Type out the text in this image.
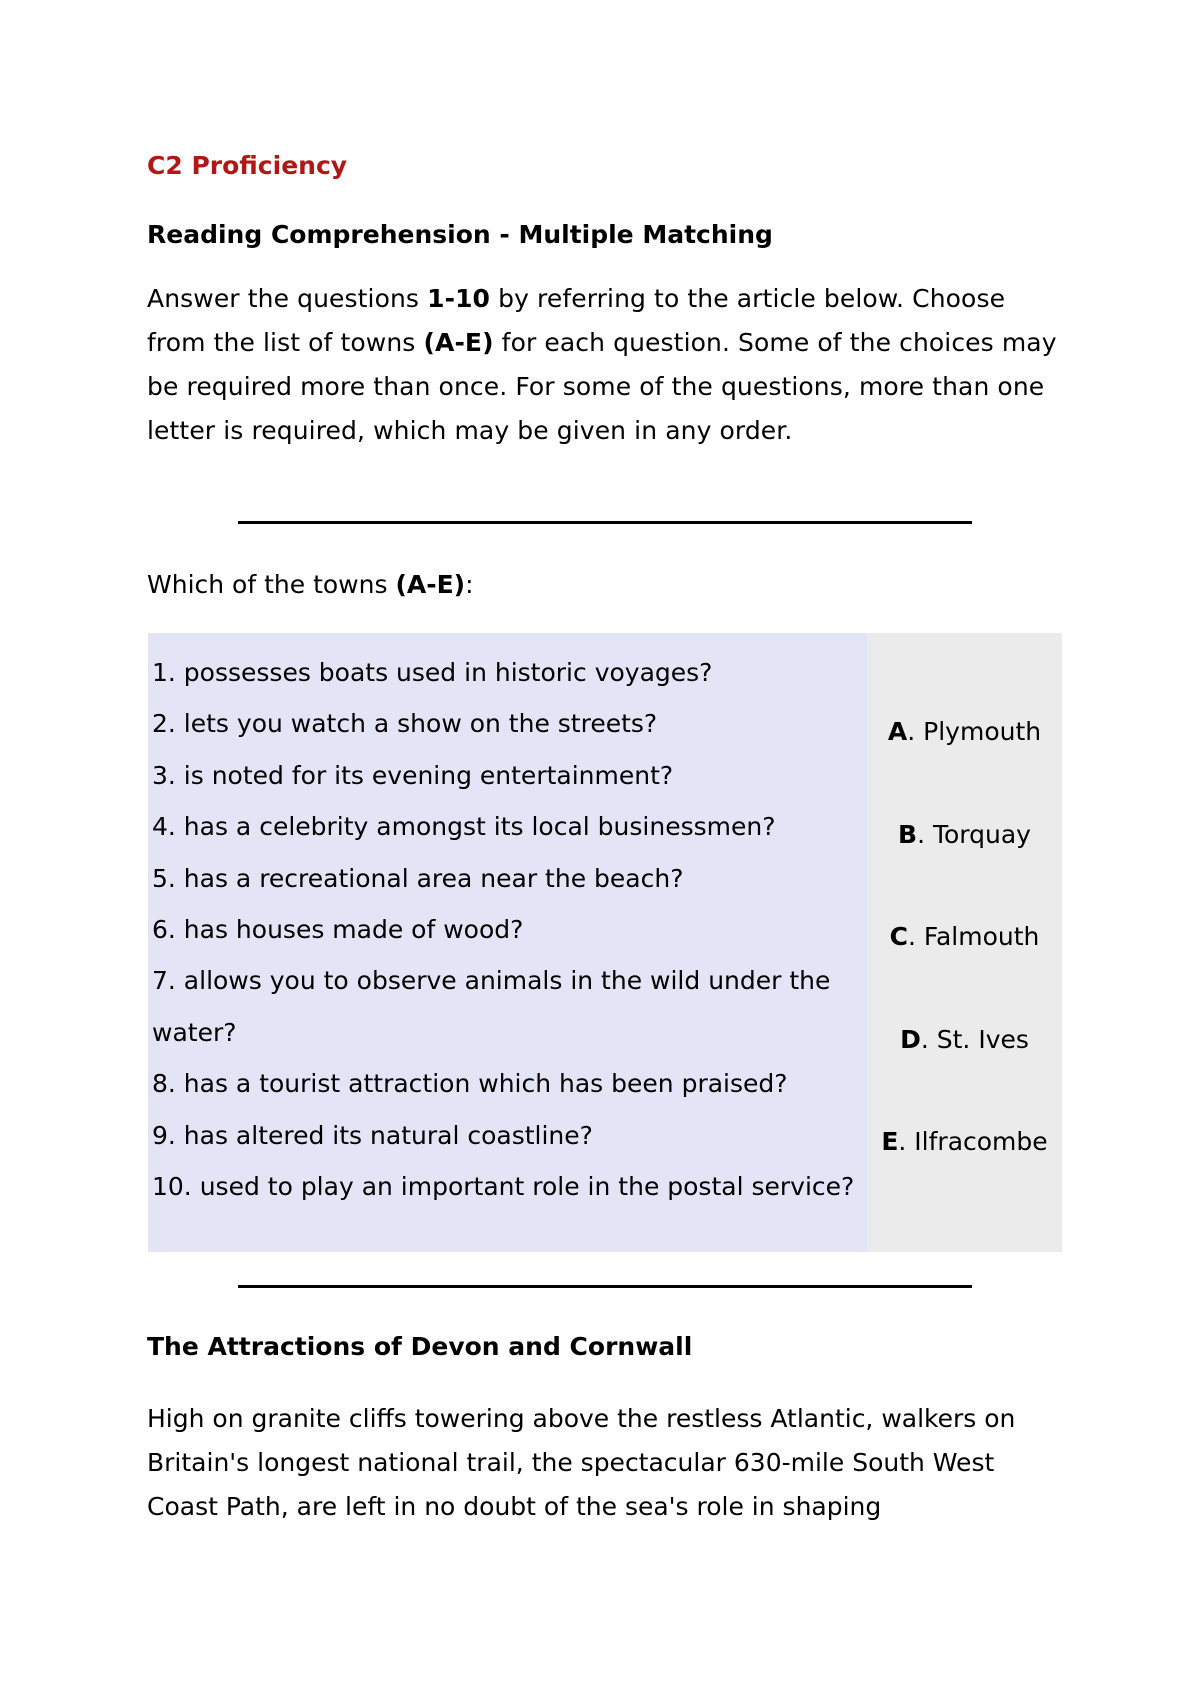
C2 Proficiency

Reading Comprehension - Multiple Matching

Answer the questions 1-10 by referring to the article below. Choose from the list of towns (A-E) for each question. Some of the choices may be required more than once. For some of the questions, more than one letter is required, which may be given in any order.

Which of the towns (A-E):

1. possesses boats used in historic voyages?

2. lets you watch a show on the streets?

3. is noted for its evening entertainment?

4. has a celebrity amongst its local businessmen?

5. has a recreational area near the beach?

6. has houses made of wood?

7. allows you to observe animals in the wild under the water?

8. has a tourist attraction which has been praised?

9. has altered its natural coastline?

10. used to play an important role in the postal service?

A. Plymouth

B. Torquay

C. Falmouth

D. St. Ives

E. Ilfracombe

The Attractions of Devon and Cornwall

High on granite cliffs towering above the restless Atlantic, walkers on Britain's longest national trail, the spectacular 630-mile South West Coast Path, are left in no doubt of the sea's role in shaping
